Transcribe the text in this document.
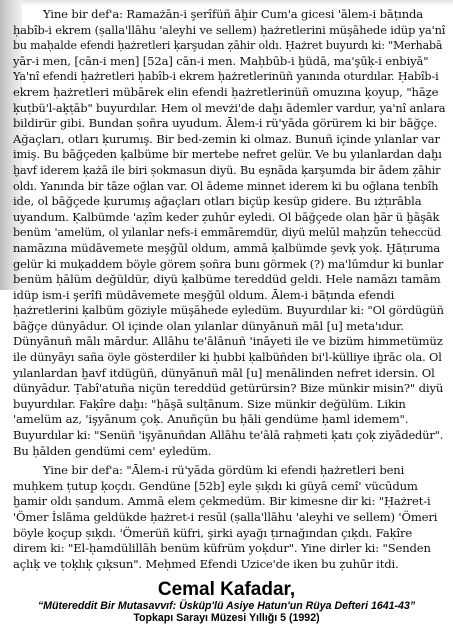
Yine bir def'a: Ramażān-i şerîfüñ āḫir Cum'a gicesi 'ālem-i bāṭında
ḥabîb-i ekrem (ṣalla'llāhu 'aleyhi ve sellem) ḥażretlerini müşāhede idüp ya'nî
bu maḥalde efendi ḥażretleri ḳarşudan ẓāhir oldı. Ḥażret buyurdı ki: "Merhabā
yār-i men, [cān-i men] [52a] cān-i men. Maḥbūb-i ḫüdā, ma'şūḳ-i enbiyā"
Ya'nî efendi ḥażretleri ḥabîb-i ekrem ḥażretlerinüñ yanında oturdılar. Ḥabîb-i
ekrem ḥażretleri mübārek elin efendi ḥażretlerinüñ omuzına ḳoyup, "hāẕe
ḳuṭbü'l-aḳṭāb" buyurdılar. Hem ol mevżi'de daḫı ādemler vardur, ya'nî anlara
bildirür gibi. Bundan ṣoñra uyudum. Ālem-i rü'yāda görürem ki bir bāğçe.
Ağaçları, otları ḳurumış. Bir bed-zemin ki olmaz. Bunuñ içinde yılanlar var
imiş. Bu bāğçeden ḳalbüme bir mertebe nefret gelür. Ve bu yılanlardan daḫı
ḫavf iderem ḳażā ile biri ṣokmasun diyü. Bu eşnāda ḳarşumda bir ādem ẓāhir
oldı. Yanında bir tāze oğlan var. Ol ādeme minnet iderem ki bu oğlana tenbîh
ide, ol bāğçede ḳurumış ağaçları otları biçüp kesüp gidere. Bu ıżṭırābla
uyandum. Ḳalbümde 'aẓîm keder ẓuhūr eyledi. Ol bāğçede olan ḫār ü ḫāşāk
benüm 'amelüm, ol yılanlar nefs-i emmāremdür, diyü melūl maḥzūn teheccüd
namāzına müdāvemete meşğūl oldum, ammā ḳalbümde şevḳ yoḳ. Ḫāṭıruma
gelür ki muḳaddem böyle görem ṣoñra bunı görmek (?) ma'lūmdur ki bunlar
benüm ḥālüm değüldür, diyü ḳalbüme tereddüd geldi. Hele namāzı tamām
idüp ism-i şerîfi müdāvemete meşğūl oldum. Ālem-i bāṭında efendi
ḥażretlerini ḳalbüm göziyle müşāhede eyledüm. Buyurdılar ki: "Ol gördügüñ
bāğçe dünyādur. Ol içinde olan yılanlar dünyānuñ māl [u] meta'ıdur.
Dünyānuñ mālı mārdur. Allāhu te'ālānuñ 'ināyeti ile ve bizüm himmetümüz
ile dünyāyı saña öyle gösterdiler ki ḥubbi ḳalbüñden bi'l-külliye iḫrāc ola. Ol
yılanlardan ḫavf itdügüñ, dünyānuñ māl [u] menālinden nefret idersin. Ol
dünyādur. Ṭabî'atuña niçün tereddüd getürürsin? Bize münkir misin?" diyü
buyurdılar. Faḳîre daḫı: "ḥāşā sulṭānum. Size münkir değülüm. Likin
'amelüm az, 'işyānum çoḳ. Anuñçün bu ḥāli gendüme ḥaml idemem".
Buyurdılar ki: "Senüñ 'işyānuñdan Allāhu te'ālā raḥmeti ḳatı çoḳ ziyādedür".
Bu ḥālden gendümi cem' eyledüm.
Yine bir def'a: "Ālem-i rü'yāda gördüm ki efendi ḥażretleri beni
muḥkem ṭutup ḳoçdı. Gendüne [52b] eyle ṣıḳdı ki güyā cemî' vücūdum
ḫamir oldı ṣandum. Ammā elem çekmedüm. Bir kimesne dir ki: "Ḥażret-i
'Ömer İslāma geldükde ḥażret-i resūl (ṣalla'llāhu 'aleyhi ve sellem) 'Ömeri
böyle ḳoçup ṣıḳdı. 'Ömerüñ küfri, şirki ayağı ṭırnağından çıḳdı. Faḳîre
direm ki: "El-ḥamdülillāh benüm küfrüm yoḳdur". Yine dirler ki: "Senden
açlıḳ ve ṭoḳlıḳ çıḳsun". Meḥmed Efendi Uzice'de iken bu ẓuhūr itdi.
Cemal Kafadar,
“Mütereddit Bir Mutasavvıf: Üsküp'lü Asiye Hatun'un Rüya Defteri 1641-43”
Topkapı Sarayı Müzesi Yıllığı 5 (1992)
